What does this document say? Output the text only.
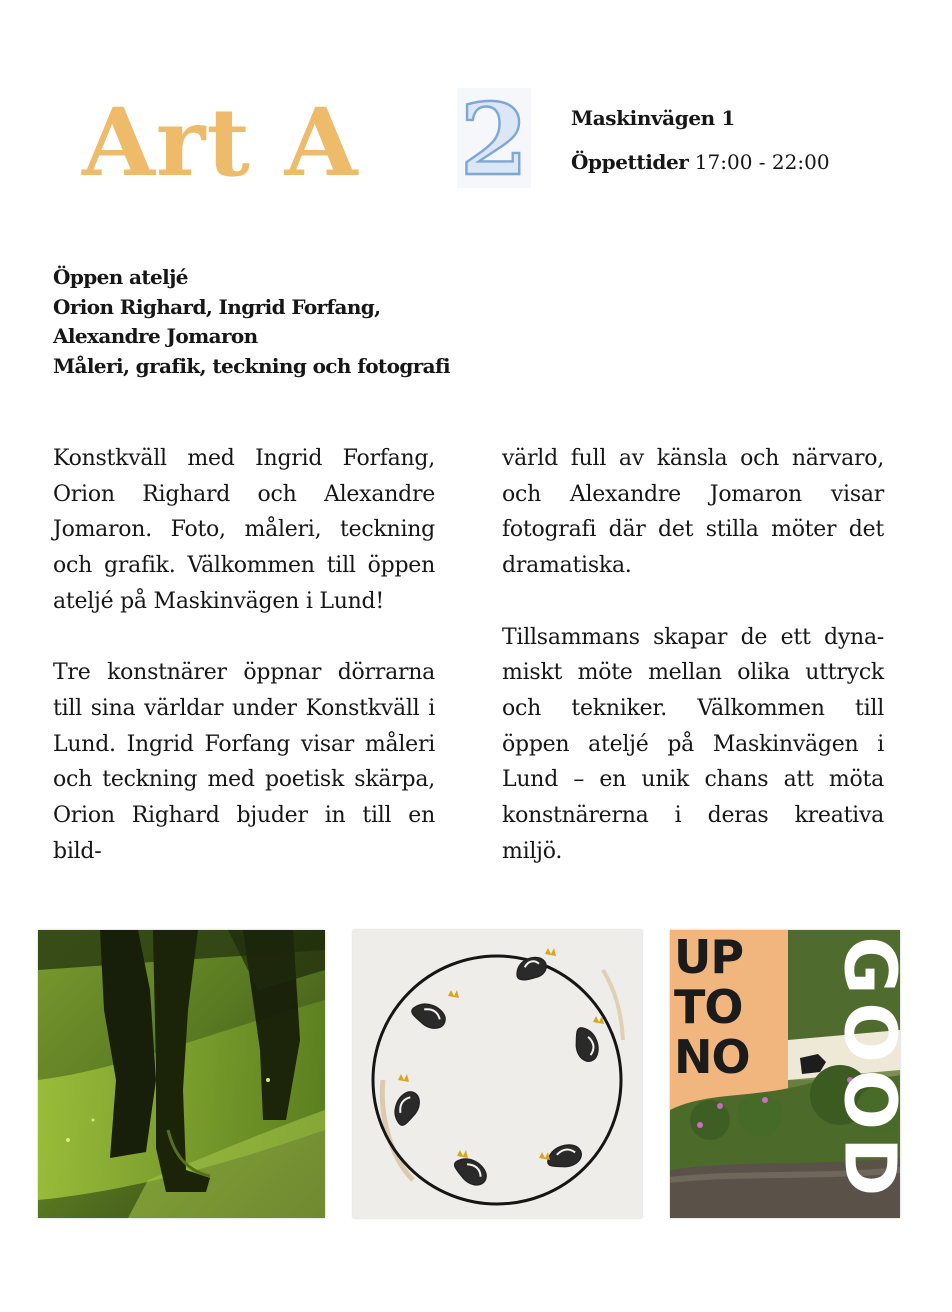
Art A 2 Maskinvägen 1
Öppettider 17:00 - 22:00
Öppen ateljé
Orion Righard, Ingrid Forfang,
Alexandre Jomaron
Måleri, grafik, teckning och fotografi

Konstkväll med Ingrid Forfang, Orion Righard och Alexandre Jomaron. Foto, måleri, teckning och grafik. Välkommen till öppen ateljé på Maskinvägen i Lund!

Tre konstnärer öppnar dörrarna till sina världar under Konstkväll i Lund. Ingrid Forfang visar måleri och teckning med poetisk skärpa, Orion Righard bjuder in till en bild-

värld full av känsla och närvaro, och Alexandre Jomaron visar fotografi där det stilla möter det dramatiska.

Tillsammans skapar de ett dyna-miskt möte mellan olika uttryck och tekniker. Välkommen till öppen ateljé på Maskinvägen i Lund – en unik chans att möta konstnärerna i deras kreativa miljö.

UP
TO
NO
G
O
O
D
